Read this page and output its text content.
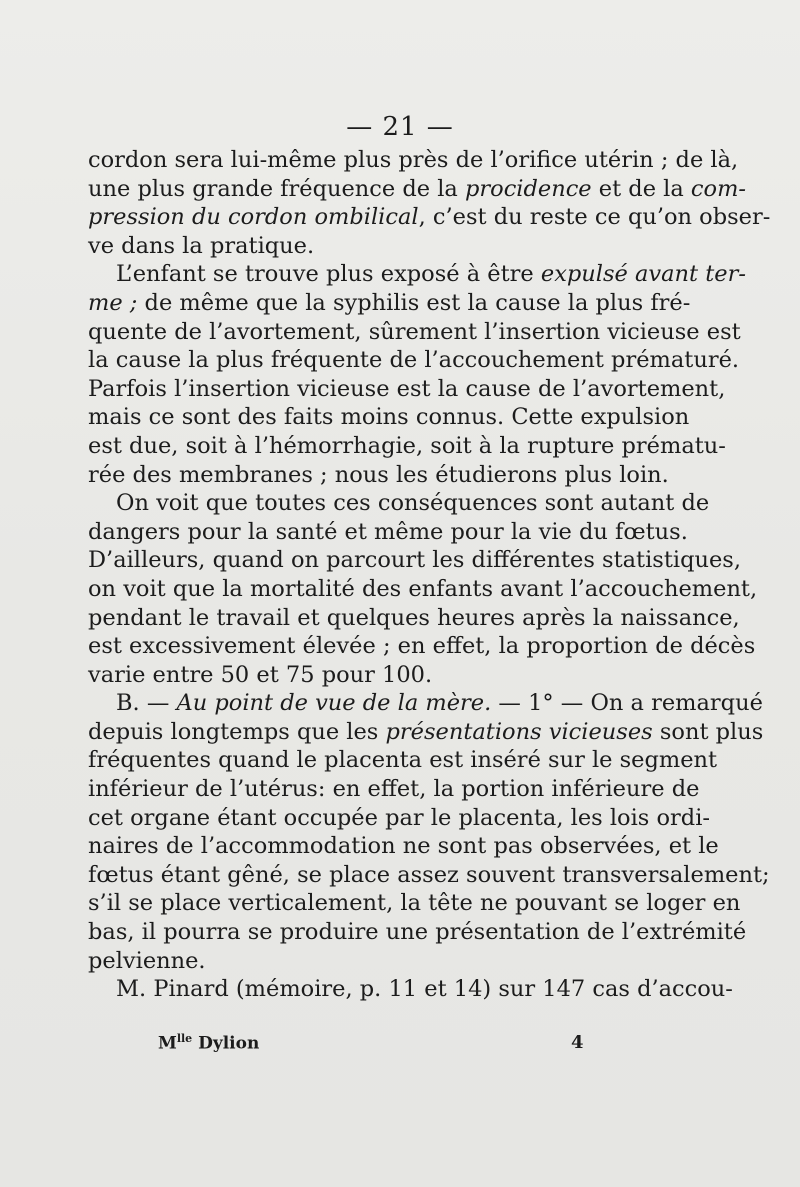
— 21 —
cordon sera lui-même plus près de l’orifice utérin ; de là,
une plus grande fréquence de la procidence et de la com-
pression du cordon ombilical, c’est du reste ce qu’on obser-
ve dans la pratique.
L’enfant se trouve plus exposé à être expulsé avant ter-
me ; de même que la syphilis est la cause la plus fré-
quente de l’avortement, sûrement l’insertion vicieuse est
la cause la plus fréquente de l’accouchement prématuré.
Parfois l’insertion vicieuse est la cause de l’avortement,
mais ce sont des faits moins connus. Cette expulsion
est due, soit à l’hémorrhagie, soit à la rupture prématu-
rée des membranes ; nous les étudierons plus loin.
On voit que toutes ces conséquences sont autant de
dangers pour la santé et même pour la vie du fœtus.
D’ailleurs, quand on parcourt les différentes statistiques,
on voit que la mortalité des enfants avant l’accouchement,
pendant le travail et quelques heures après la naissance,
est excessivement élevée ; en effet, la proportion de décès
varie entre 50 et 75 pour 100.
B. — Au point de vue de la mère. — 1° — On a remarqué
depuis longtemps que les présentations vicieuses sont plus
fréquentes quand le placenta est inséré sur le segment
inférieur de l’utérus: en effet, la portion inférieure de
cet organe étant occupée par le placenta, les lois ordi-
naires de l’accommodation ne sont pas observées, et le
fœtus étant gêné, se place assez souvent transversalement;
s’il se place verticalement, la tête ne pouvant se loger en
bas, il pourra se produire une présentation de l’extrémité
pelvienne.
M. Pinard (mémoire, p. 11 et 14) sur 147 cas d’accou-
$M^{lle}$ Dylion	4
